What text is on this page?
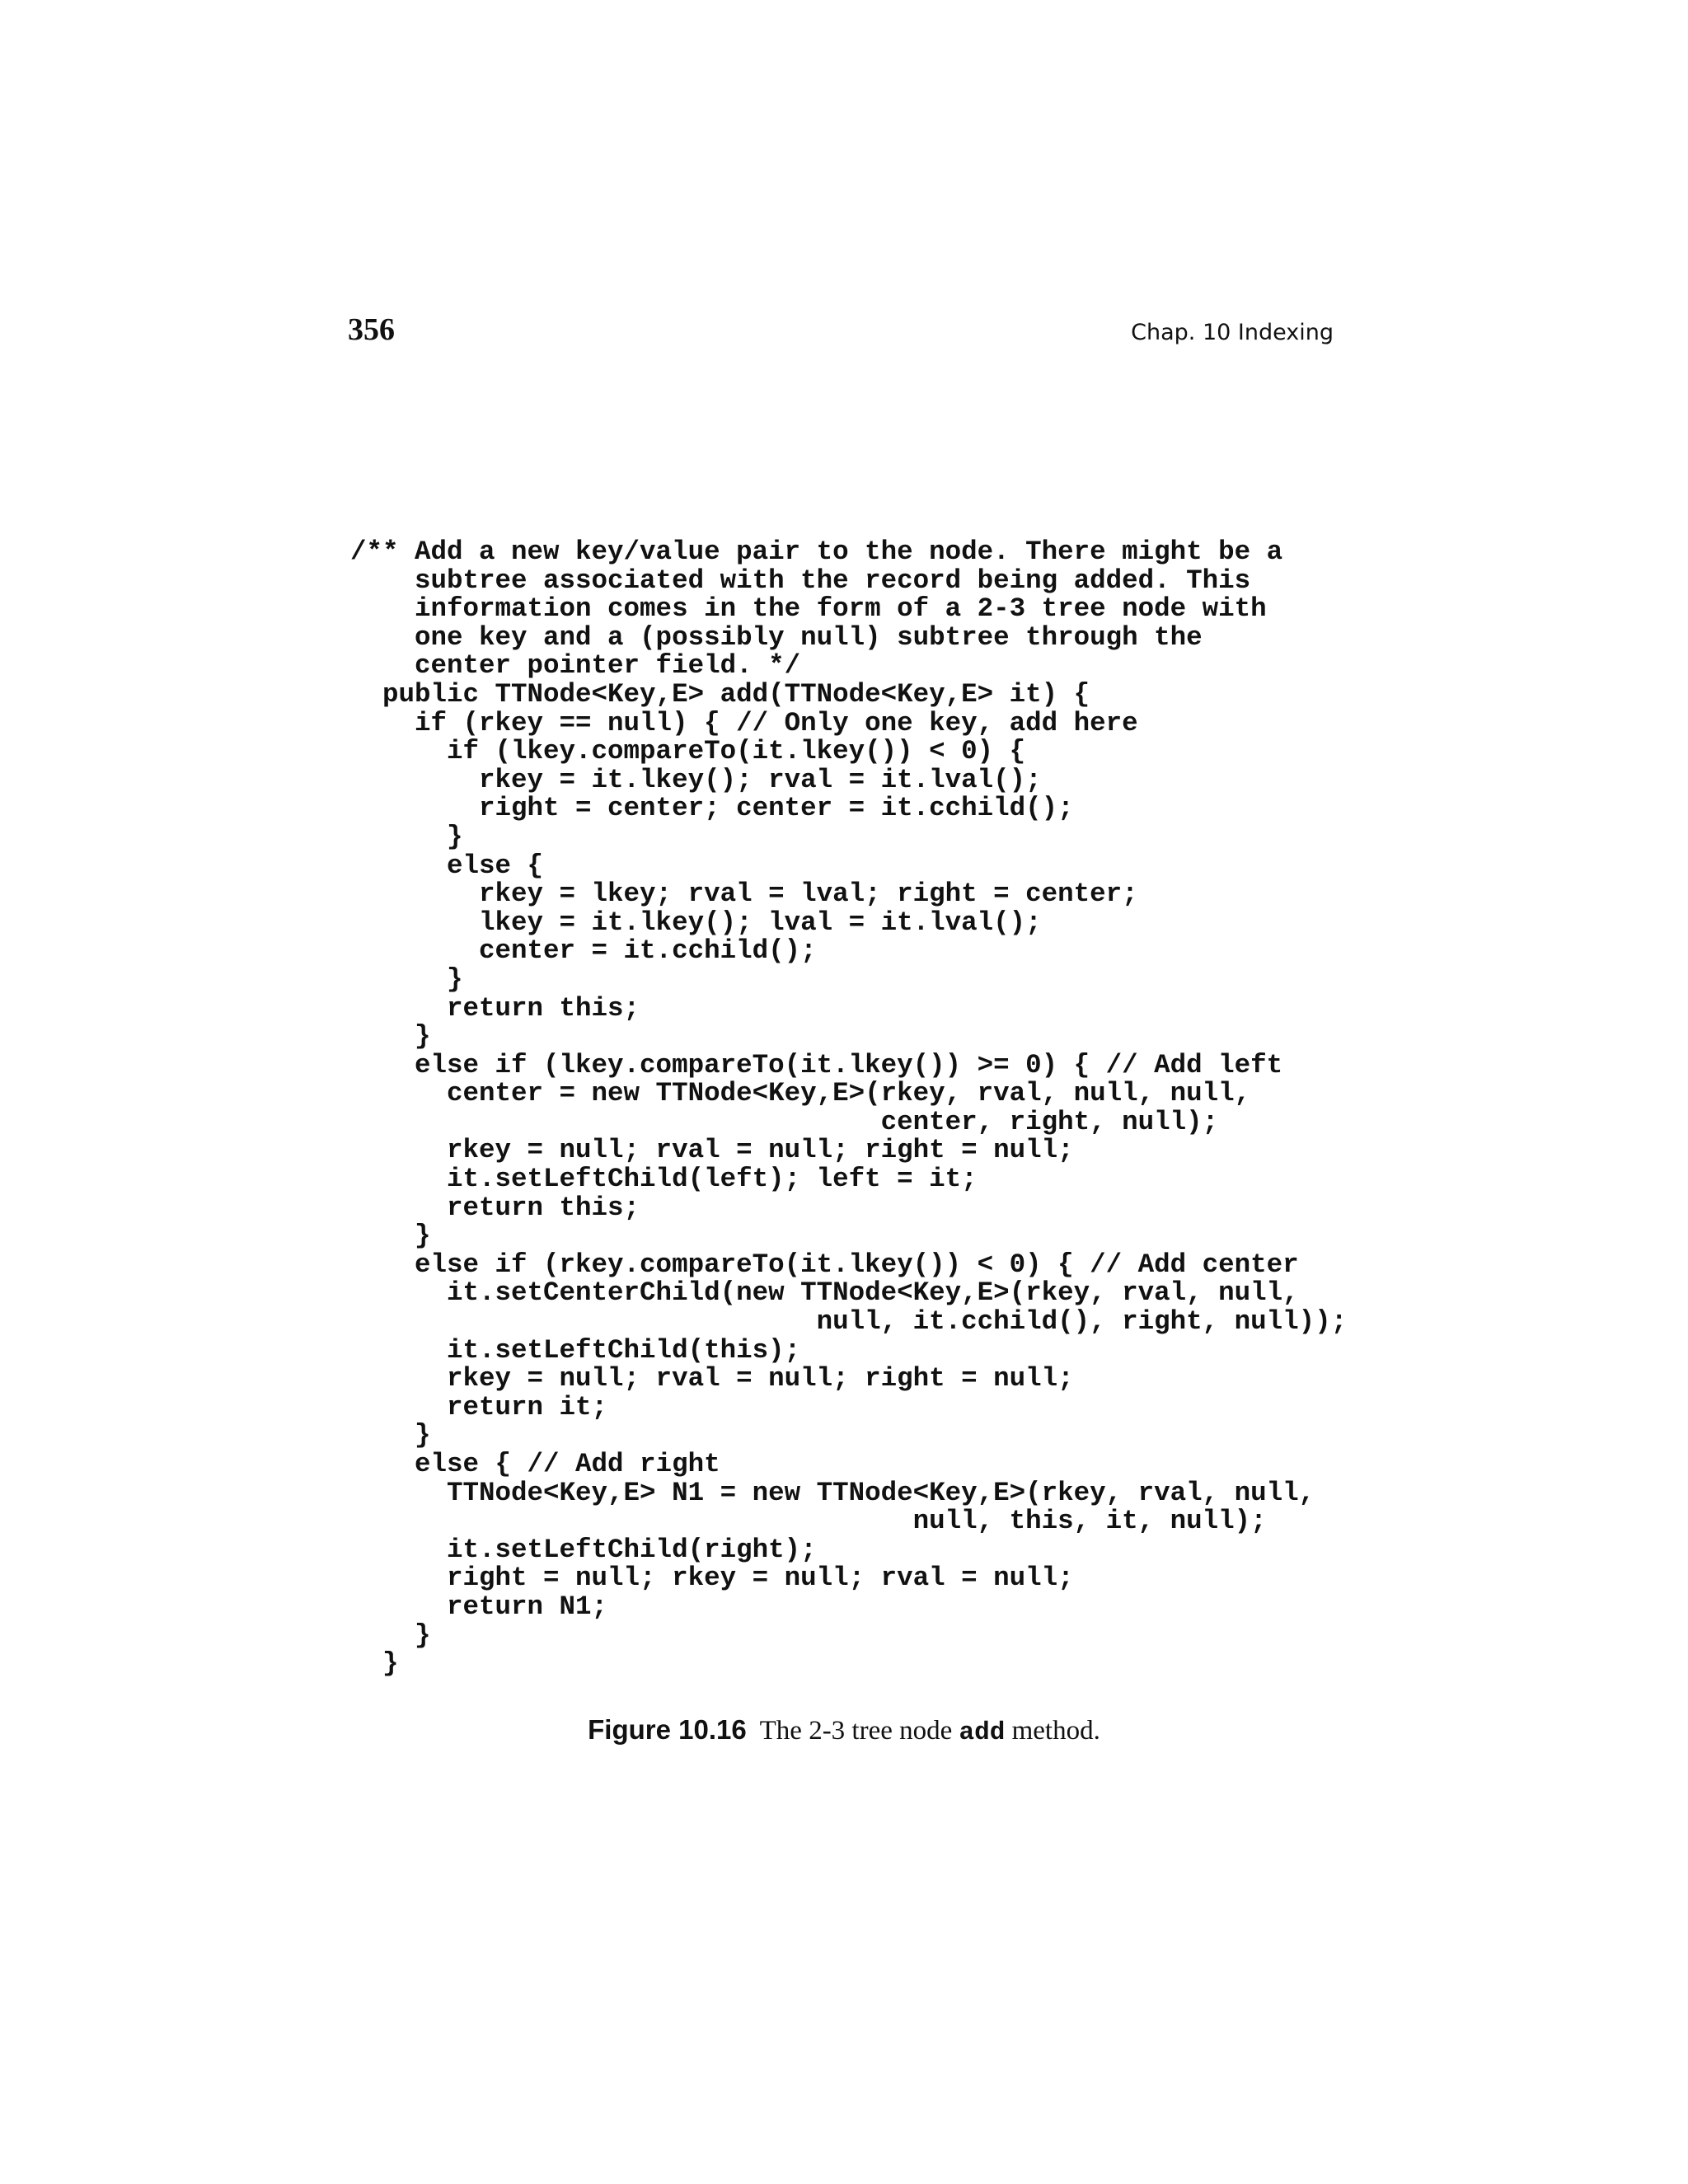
356	Chap. 10 Indexing

/** Add a new key/value pair to the node. There might be a
subtree associated with the record being added. This
information comes in the form of a 2-3 tree node with
one key and a (possibly null) subtree through the
center pointer field. */
public TTNode<Key,E> add(TTNode<Key,E> it) {
if (rkey == null) { // Only one key, add here
if (lkey.compareTo(it.lkey()) < 0) {
rkey = it.lkey(); rval = it.lval();
right = center; center = it.cchild();
}
else {
rkey = lkey; rval = lval; right = center;
lkey = it.lkey(); lval = it.lval();
center = it.cchild();
}
return this;
}
else if (lkey.compareTo(it.lkey()) >= 0) { // Add left
center = new TTNode<Key,E>(rkey, rval, null, null,
center, right, null);
rkey = null; rval = null; right = null;
it.setLeftChild(left); left = it;
return this;
}
else if (rkey.compareTo(it.lkey()) < 0) { // Add center
it.setCenterChild(new TTNode<Key,E>(rkey, rval, null,
null, it.cchild(), right, null));
it.setLeftChild(this);
rkey = null; rval = null; right = null;
return it;
}
else { // Add right
TTNode<Key,E> N1 = new TTNode<Key,E>(rkey, rval, null,
null, this, it, null);
it.setLeftChild(right);
right = null; rkey = null; rval = null;
return N1;
}
}

Figure 10.16 The 2-3 tree node add method.
